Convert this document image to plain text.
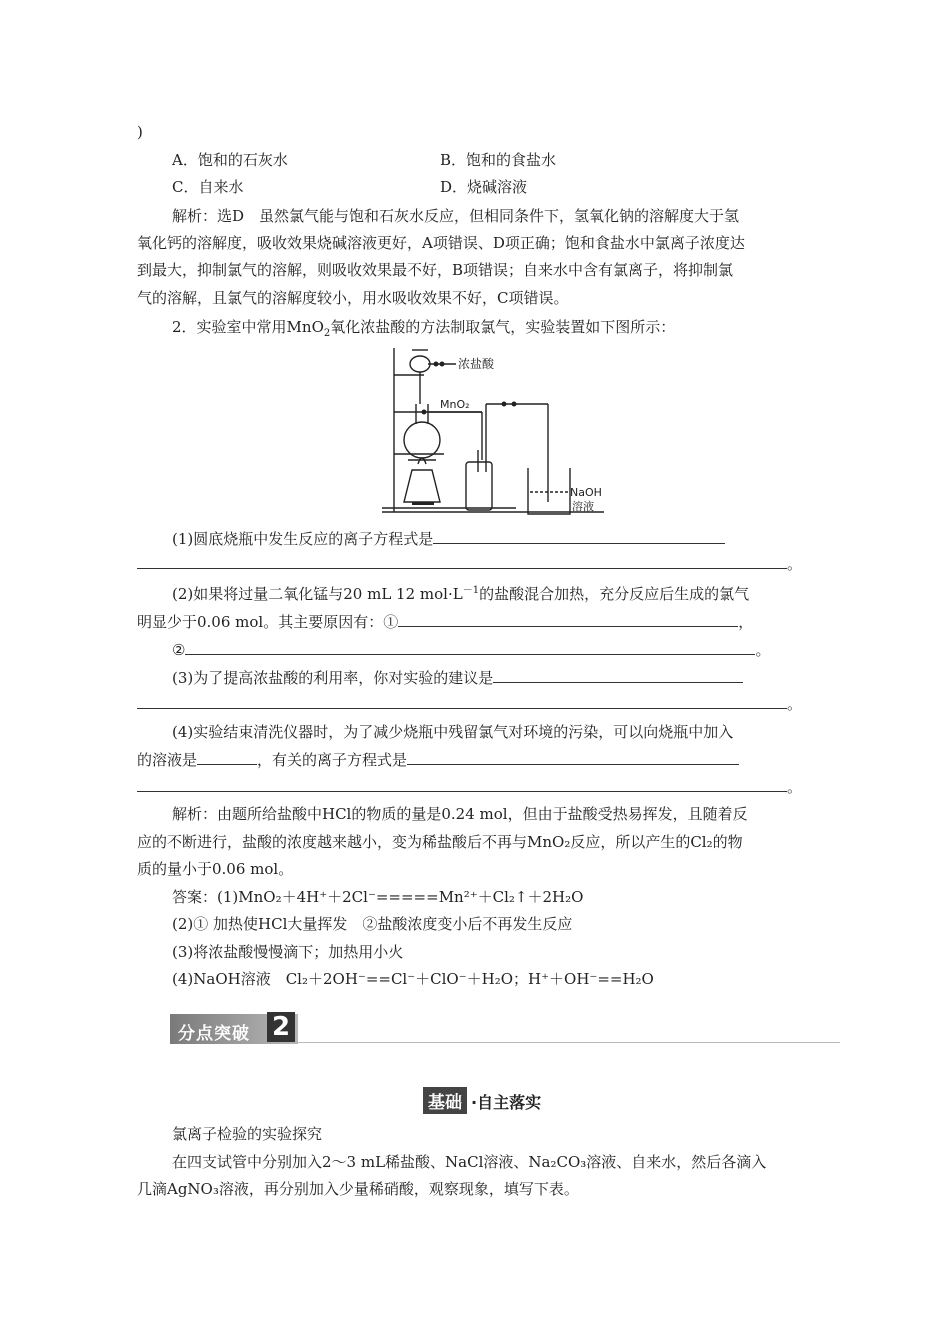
)
A．饱和的石灰水	B．饱和的食盐水
C．自来水	D．烧碱溶液
解析：选D　虽然氯气能与饱和石灰水反应，但相同条件下，氢氧化钠的溶解度大于氢
氧化钙的溶解度，吸收效果烧碱溶液更好，A项错误、D项正确；饱和食盐水中氯离子浓度达
到最大，抑制氯气的溶解，则吸收效果最不好，B项错误；自来水中含有氯离子，将抑制氯
气的溶解，且氯气的溶解度较小，用水吸收效果不好，C项错误。
2．实验室中常用MnO$_2$氧化浓盐酸的方法制取氯气，实验装置如下图所示：
浓盐酸
MnO₂
NaOH
溶液
(1)圆底烧瓶中发生反应的离子方程式是
。
(2)如果将过量二氧化锰与20 mL 12 $mol\cdot L^{-1}$的盐酸混合加热，充分反应后生成的氯气
明显少于0.06 mol。其主要原因有：①	，
②	。
(3)为了提高浓盐酸的利用率，你对实验的建议是
。
(4)实验结束清洗仪器时，为了减少烧瓶中残留氯气对环境的污染，可以向烧瓶中加入
的溶液是	，有关的离子方程式是
。
解析：由题所给盐酸中HCl的物质的量是0.24 mol，但由于盐酸受热易挥发，且随着反
应的不断进行，盐酸的浓度越来越小，变为稀盐酸后不再与MnO₂反应，所以产生的Cl₂的物
质的量小于0.06 mol。
答案：(1)MnO₂＋4H⁺＋2Cl⁻=====Mn²⁺＋Cl₂↑＋2H₂O
(2)① 加热使HCl大量挥发　②盐酸浓度变小后不再发生反应
(3)将浓盐酸慢慢滴下；加热用小火
(4)NaOH溶液　Cl₂＋2OH⁻==Cl⁻＋ClO⁻＋H₂O；H⁺＋OH⁻==H₂O
分点突破 2
基础 ·自主落实
氯离子检验的实验探究
在四支试管中分别加入2～3 mL稀盐酸、NaCl溶液、Na₂CO₃溶液、自来水，然后各滴入
几滴AgNO₃溶液，再分别加入少量稀硝酸，观察现象，填写下表。
